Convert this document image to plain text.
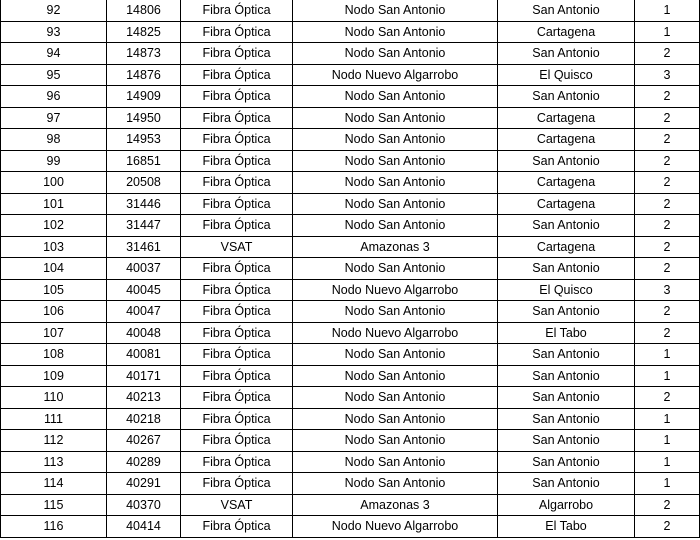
92	14806	Fibra Óptica	Nodo San Antonio	San Antonio	1
93	14825	Fibra Óptica	Nodo San Antonio	Cartagena	1
94	14873	Fibra Óptica	Nodo San Antonio	San Antonio	2
95	14876	Fibra Óptica	Nodo Nuevo Algarrobo	El Quisco	3
96	14909	Fibra Óptica	Nodo San Antonio	San Antonio	2
97	14950	Fibra Óptica	Nodo San Antonio	Cartagena	2
98	14953	Fibra Óptica	Nodo San Antonio	Cartagena	2
99	16851	Fibra Óptica	Nodo San Antonio	San Antonio	2
100	20508	Fibra Óptica	Nodo San Antonio	Cartagena	2
101	31446	Fibra Óptica	Nodo San Antonio	Cartagena	2
102	31447	Fibra Óptica	Nodo San Antonio	San Antonio	2
103	31461	VSAT	Amazonas 3	Cartagena	2
104	40037	Fibra Óptica	Nodo San Antonio	San Antonio	2
105	40045	Fibra Óptica	Nodo Nuevo Algarrobo	El Quisco	3
106	40047	Fibra Óptica	Nodo San Antonio	San Antonio	2
107	40048	Fibra Óptica	Nodo Nuevo Algarrobo	El Tabo	2
108	40081	Fibra Óptica	Nodo San Antonio	San Antonio	1
109	40171	Fibra Óptica	Nodo San Antonio	San Antonio	1
110	40213	Fibra Óptica	Nodo San Antonio	San Antonio	2
111	40218	Fibra Óptica	Nodo San Antonio	San Antonio	1
112	40267	Fibra Óptica	Nodo San Antonio	San Antonio	1
113	40289	Fibra Óptica	Nodo San Antonio	San Antonio	1
114	40291	Fibra Óptica	Nodo San Antonio	San Antonio	1
115	40370	VSAT	Amazonas 3	Algarrobo	2
116	40414	Fibra Óptica	Nodo Nuevo Algarrobo	El Tabo	2
